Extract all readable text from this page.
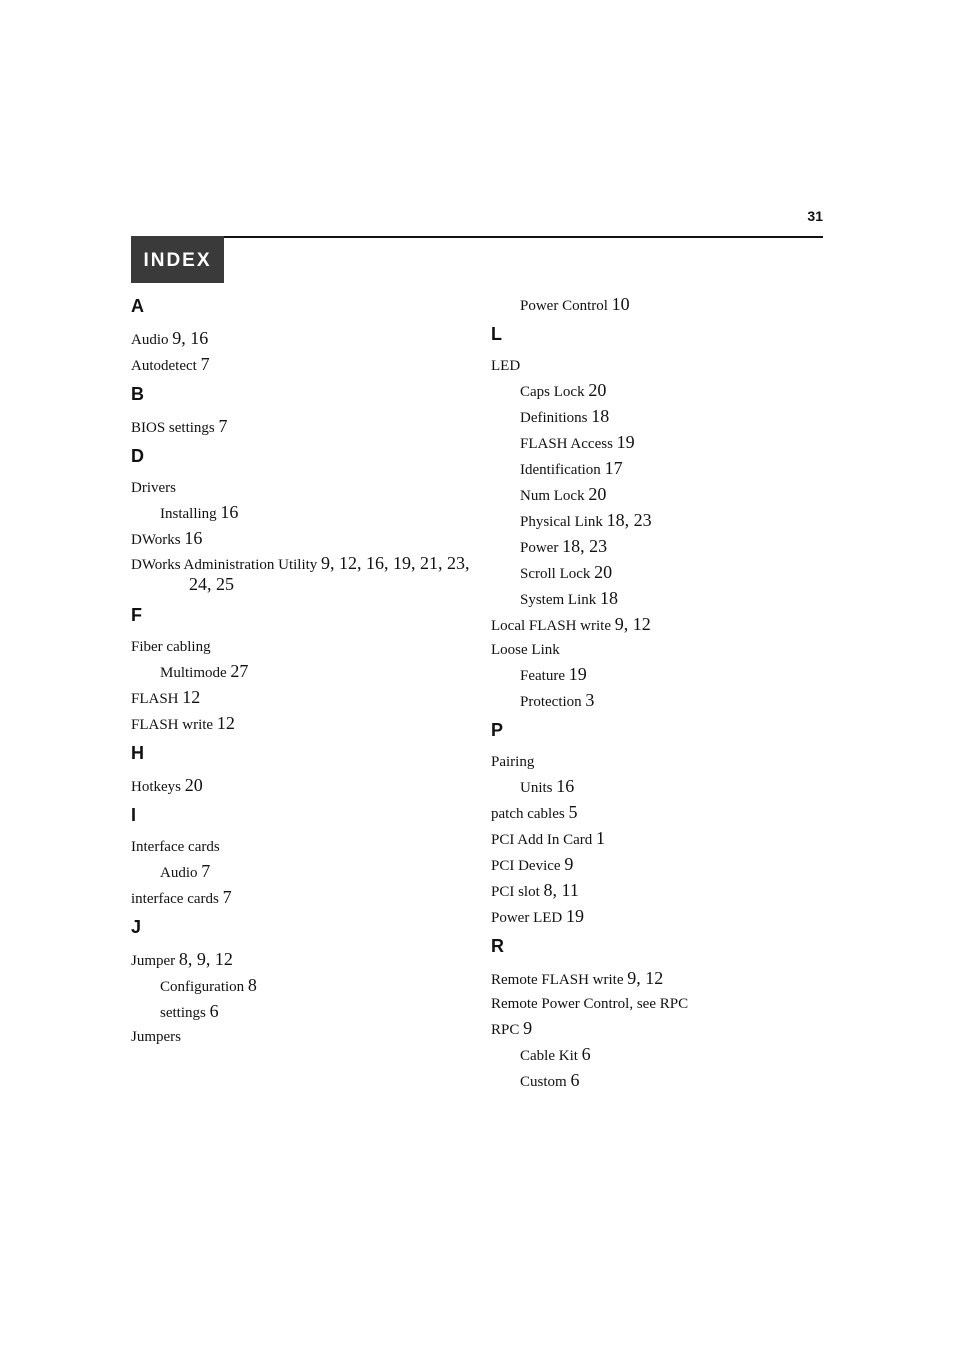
31
INDEX
A
Audio 9, 16
Autodetect 7
B
BIOS settings 7
D
Drivers
Installing 16
DWorks 16
DWorks Administration Utility 9, 12, 16, 19, 21, 23, 24, 25
F
Fiber cabling
Multimode 27
FLASH 12
FLASH write 12
H
Hotkeys 20
I
Interface cards
Audio 7
interface cards 7
J
Jumper 8, 9, 12
Configuration 8
settings 6
Jumpers
Power Control 10
L
LED
Caps Lock 20
Definitions 18
FLASH Access 19
Identification 17
Num Lock 20
Physical Link 18, 23
Power 18, 23
Scroll Lock 20
System Link 18
Local FLASH write 9, 12
Loose Link
Feature 19
Protection 3
P
Pairing
Units 16
patch cables 5
PCI Add In Card 1
PCI Device 9
PCI slot 8, 11
Power LED 19
R
Remote FLASH write 9, 12
Remote Power Control, see RPC
RPC 9
Cable Kit 6
Custom 6
